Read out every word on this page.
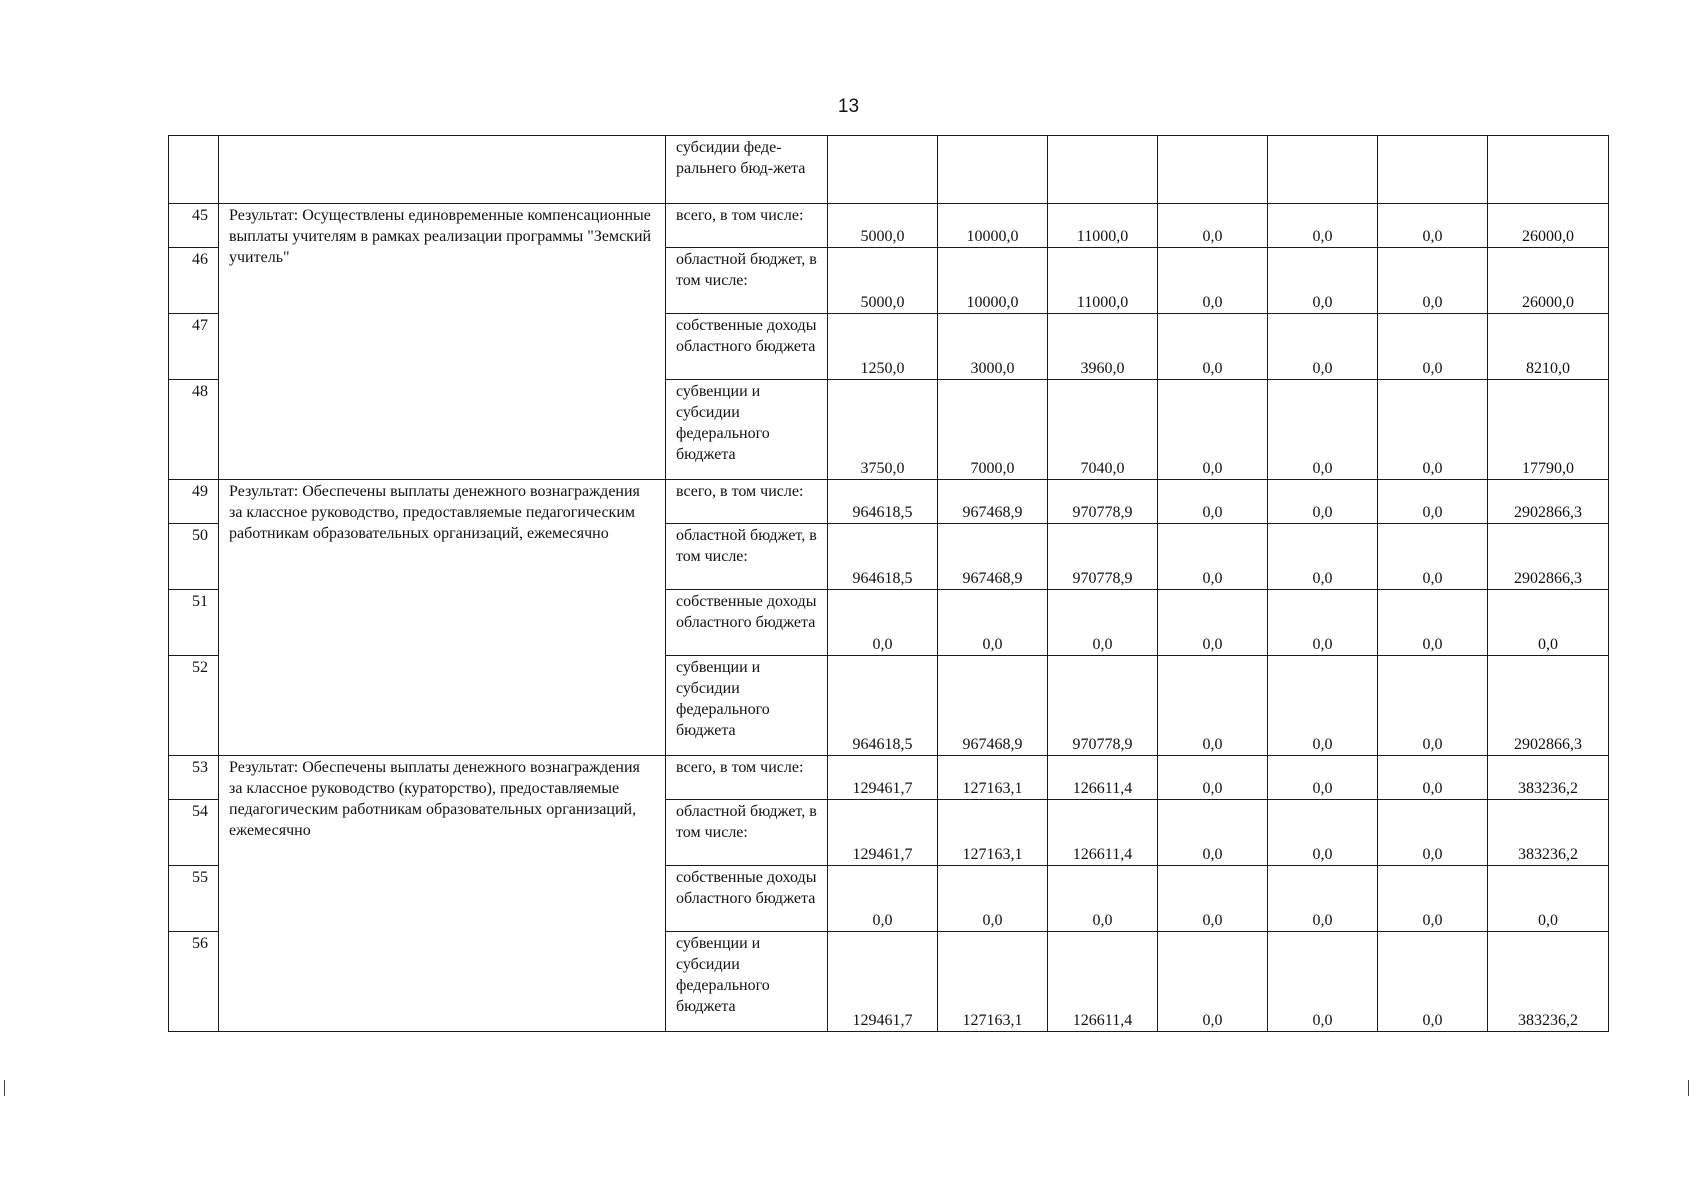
13
		субсидии феде-ральнего бюд-жета							
45	Результат: Осуществлены единовременные компенсационные выплаты учителям в рамках реализации программы "Земский учитель"	всего, в том числе:	5000,0	10000,0	11000,0	0,0	0,0	0,0	26000,0
46		областной бюджет, в том числе:	5000,0	10000,0	11000,0	0,0	0,0	0,0	26000,0
47		собственные доходы областного бюджета	1250,0	3000,0	3960,0	0,0	0,0	0,0	8210,0
48		субвенции и субсидии федерального бюджета	3750,0	7000,0	7040,0	0,0	0,0	0,0	17790,0
49	Результат: Обеспечены выплаты денежного вознаграждения за классное руководство, предоставляемые педагогическим работникам образовательных организаций, ежемесячно	всего, в том числе:	964618,5	967468,9	970778,9	0,0	0,0	0,0	2902866,3
50		областной бюджет, в том числе:	964618,5	967468,9	970778,9	0,0	0,0	0,0	2902866,3
51		собственные доходы областного бюджета	0,0	0,0	0,0	0,0	0,0	0,0	0,0
52		субвенции и субсидии федерального бюджета	964618,5	967468,9	970778,9	0,0	0,0	0,0	2902866,3
53	Результат: Обеспечены выплаты денежного вознаграждения за классное руководство (кураторство), предоставляемые педагогическим работникам образовательных организаций, ежемесячно	всего, в том числе:	129461,7	127163,1	126611,4	0,0	0,0	0,0	383236,2
54		областной бюджет, в том числе:	129461,7	127163,1	126611,4	0,0	0,0	0,0	383236,2
55		собственные доходы областного бюджета	0,0	0,0	0,0	0,0	0,0	0,0	0,0
56		субвенции и субсидии федерального бюджета	129461,7	127163,1	126611,4	0,0	0,0	0,0	383236,2
